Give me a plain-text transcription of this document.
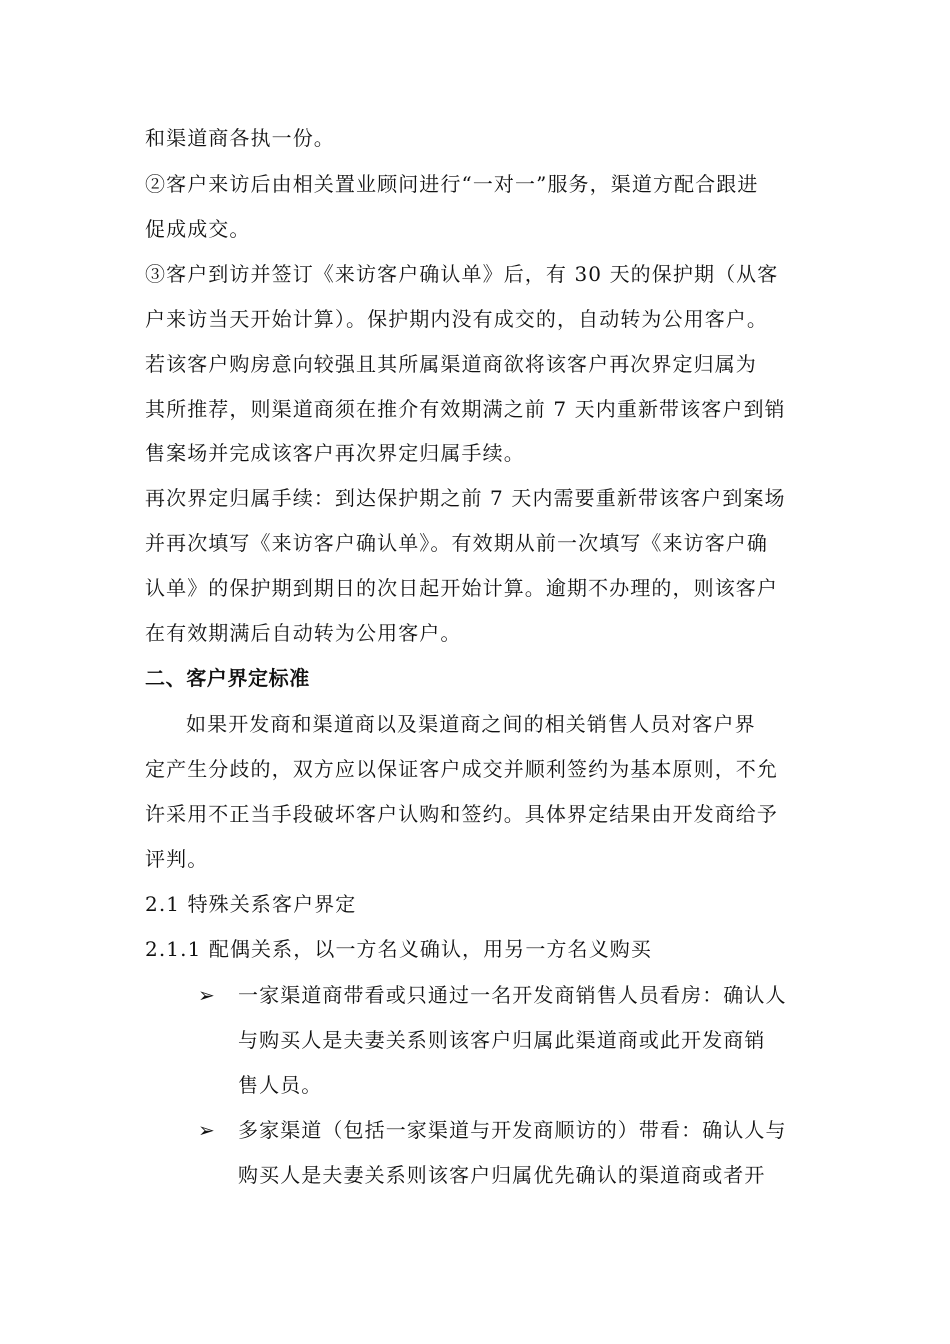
和渠道商各执一份。
②客户来访后由相关置业顾问进行“一对一”服务，渠道方配合跟进
促成成交。
③客户到访并签订《来访客户确认单》后，有 30 天的保护期（从客
户来访当天开始计算）。保护期内没有成交的，自动转为公用客户。
若该客户购房意向较强且其所属渠道商欲将该客户再次界定归属为
其所推荐，则渠道商须在推介有效期满之前 7 天内重新带该客户到销
售案场并完成该客户再次界定归属手续。
再次界定归属手续：到达保护期之前 7 天内需要重新带该客户到案场
并再次填写《来访客户确认单》。有效期从前一次填写《来访客户确
认单》的保护期到期日的次日起开始计算。逾期不办理的，则该客户
在有效期满后自动转为公用客户。
二、客户界定标准
如果开发商和渠道商以及渠道商之间的相关销售人员对客户界
定产生分歧的，双方应以保证客户成交并顺利签约为基本原则，不允
许采用不正当手段破坏客户认购和签约。具体界定结果由开发商给予
评判。
2.1 特殊关系客户界定
2.1.1 配偶关系，以一方名义确认，用另一方名义购买
➢ 一家渠道商带看或只通过一名开发商销售人员看房：确认人
与购买人是夫妻关系则该客户归属此渠道商或此开发商销
售人员。
➢ 多家渠道（包括一家渠道与开发商顺访的）带看：确认人与
购买人是夫妻关系则该客户归属优先确认的渠道商或者开
